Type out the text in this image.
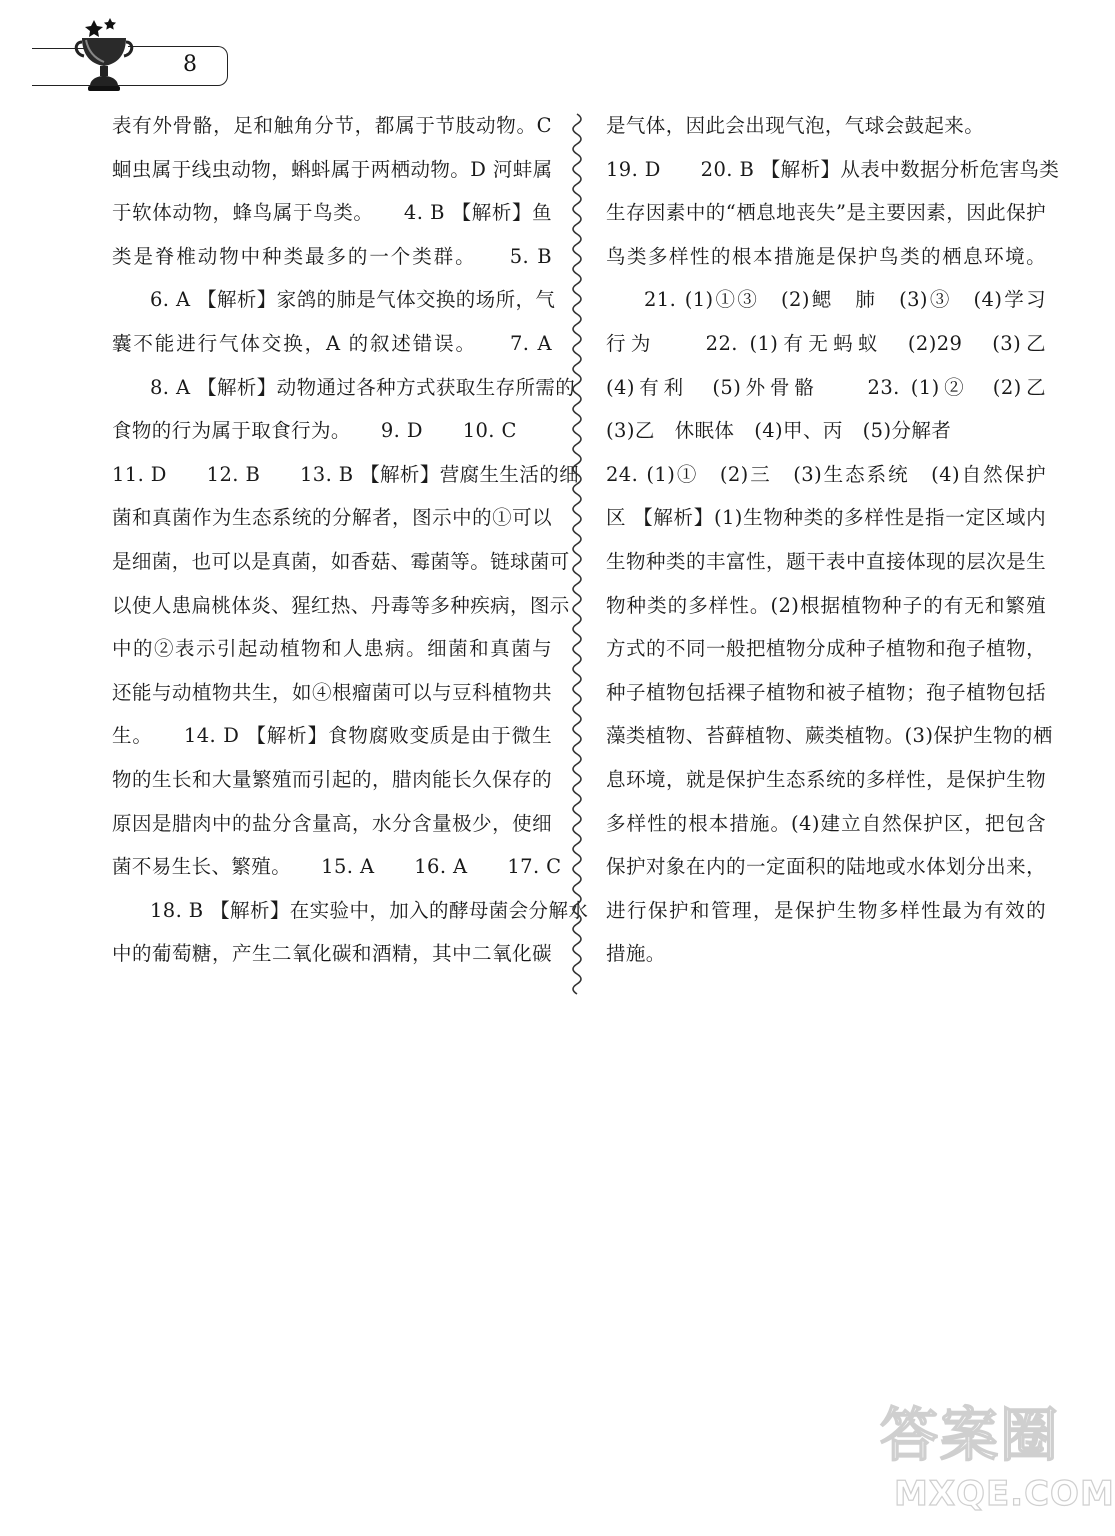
8
表有外骨骼，足和触角分节，都属于节肢动物。C
蛔虫属于线虫动物，蝌蚪属于两栖动物。D 河蚌属
于软体动物，蜂鸟属于鸟类。　　4. B 【解析】鱼
类是脊椎动物中种类最多的一个类群。　　5. B
6. A 【解析】家鸽的肺是气体交换的场所，气
囊不能进行气体交换，A 的叙述错误。　　7. A
8. A 【解析】动物通过各种方式获取生存所需的
食物的行为属于取食行为。　　9. D　　10. C
11. D　　12. B　　13. B 【解析】营腐生生活的细
菌和真菌作为生态系统的分解者，图示中的①可以
是细菌，也可以是真菌，如香菇、霉菌等。链球菌可
以使人患扁桃体炎、猩红热、丹毒等多种疾病，图示
中的②表示引起动植物和人患病。细菌和真菌与
还能与动植物共生，如④根瘤菌可以与豆科植物共
生。　　14. D 【解析】食物腐败变质是由于微生
物的生长和大量繁殖而引起的，腊肉能长久保存的
原因是腊肉中的盐分含量高，水分含量极少，使细
菌不易生长、繁殖。　　15. A　　16. A　　17. C
18. B 【解析】在实验中，加入的酵母菌会分解水
中的葡萄糖，产生二氧化碳和酒精，其中二氧化碳
是气体，因此会出现气泡，气球会鼓起来。
19. D　　20. B 【解析】从表中数据分析危害鸟类
生存因素中的“栖息地丧失”是主要因素，因此保护
鸟类多样性的根本措施是保护鸟类的栖息环境。
21. (1)①③　(2)鳃　肺　(3)③　(4)学习
行为　　22. (1)有无蚂蚁　(2)29　(3)乙
(4)有利　(5)外骨骼　　23. (1)②　(2)乙
(3)乙　休眠体　(4)甲、丙　(5)分解者
24. (1)①　(2)三　(3)生态系统　(4)自然保护
区 【解析】(1)生物种类的多样性是指一定区域内
生物种类的丰富性，题干表中直接体现的层次是生
物种类的多样性。(2)根据植物种子的有无和繁殖
方式的不同一般把植物分成种子植物和孢子植物，
种子植物包括裸子植物和被子植物；孢子植物包括
藻类植物、苔藓植物、蕨类植物。(3)保护生物的栖
息环境，就是保护生态系统的多样性，是保护生物
多样性的根本措施。(4)建立自然保护区，把包含
保护对象在内的一定面积的陆地或水体划分出来，
进行保护和管理，是保护生物多样性最为有效的
措施。
答案圈
MXQE.COM
